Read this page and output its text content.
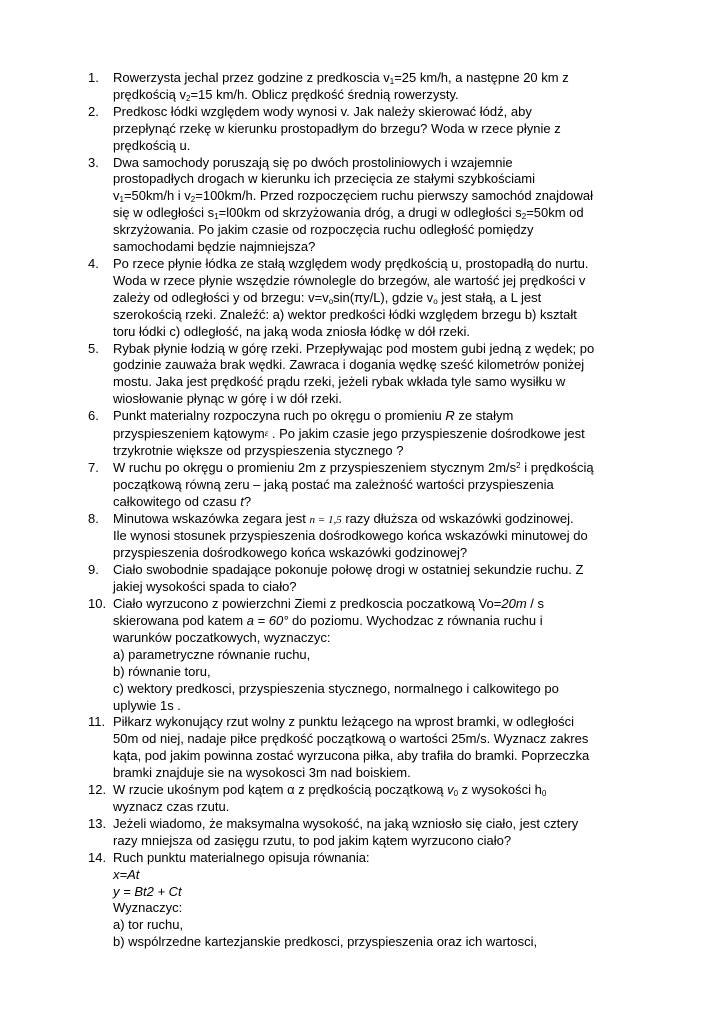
1.	Rowerzysta jechal przez godzine z predkoscia $v_1=25$ km/h, a następne 20 km z
prędkością $v_2=15$ km/h. Oblicz prędkość średnią rowerzysty.
2.	Predkosc łódki względem wody wynosi v. Jak należy skierować łódź, aby
przepłynąć rzekę w kierunku prostopadłym do brzegu? Woda w rzece płynie z
prędkością u.
3.	Dwa samochody poruszają się po dwóch prostoliniowych i wzajemnie
prostopadłych drogach w kierunku ich przecięcia ze stałymi szybkościami
$v_1=50km/h$ i $v_2=100km/h$. Przed rozpoczęciem ruchu pierwszy samochód znajdował
się w odległości $s_1=l00km$ od skrzyżowania dróg, a drugi w odległości $s_2=50km$ od
skrzyżowania. Po jakim czasie od rozpoczęcia ruchu odległość pomiędzy
samochodami będzie najmniejsza?
4.	Po rzece płynie łódka ze stałą względem wody prędkością u, prostopadłą do nurtu.
Woda w rzece płynie wszędzie równolegle do brzegów, ale wartość jej prędkości v
zależy od odległości y od brzegu: $v=v_o\sin(\pi y/L)$, gdzie $v_o$ jest stałą, a L jest
szerokością rzeki. Znaleźć: a) wektor predkości łódki względem brzegu b) kształt
toru łódki c) odległość, na jaką woda zniosła łódkę w dół rzeki.
5.	Rybak płynie łodzią w górę rzeki. Przepływając pod mostem gubi jedną z wędek; po
godzinie zauważa brak wędki. Zawraca i dogania wędkę sześć kilometrów poniżej
mostu. Jaka jest prędkość prądu rzeki, jeżeli rybak wkłada tyle samo wysiłku w
wiosłowanie płynąc w górę i w dół rzeki.
6.	Punkt materialny rozpoczyna ruch po okręgu o promieniu R ze stałym
przyspieszeniem kątowymε . Po jakim czasie jego przyspieszenie dośrodkowe jest
trzykrotnie większe od przyspieszenia stycznego ?
7.	W ruchu po okręgu o promieniu 2m z przyspieszeniem stycznym $2m/s^2$ i prędkością
początkową równą zeru – jaką postać ma zależność wartości przyspieszenia
całkowitego od czasu t?
8.	Minutowa wskazówka zegara jest n = 1,5 razy dłuższa od wskazówki godzinowej.
Ile wynosi stosunek przyspieszenia dośrodkowego końca wskazówki minutowej do
przyspieszenia dośrodkowego końca wskazówki godzinowej?
9.	Ciało swobodnie spadające pokonuje połowę drogi w ostatniej sekundzie ruchu. Z
jakiej wysokości spada to ciało?
10. Ciało wyrzucono z powierzchni Ziemi z predkoscia poczatkową Vo=20m / s
skierowana pod katem a = 60° do poziomu. Wychodzac z równania ruchu i
warunków poczatkowych, wyznaczyc:
a) parametryczne równanie ruchu,
b) równanie toru,
c) wektory predkosci, przyspieszenia stycznego, normalnego i calkowitego po
uplywie 1s .
11. Piłkarz wykonujący rzut wolny z punktu leżącego na wprost bramki, w odległości
50m od niej, nadaje piłce prędkość początkową o wartości 25m/s. Wyznacz zakres
kąta, pod jakim powinna zostać wyrzucona piłka, aby trafiła do bramki. Poprzeczka
bramki znajduje sie na wysokosci 3m nad boiskiem.
12. W rzucie ukośnym pod kątem α z prędkością początkową $v_0$ z wysokości $h_0$
wyznacz czas rzutu.
13. Jeżeli wiadomo, że maksymalna wysokość, na jaką wzniosło się ciało, jest cztery
razy mniejsza od zasięgu rzutu, to pod jakim kątem wyrzucono ciało?
14. Ruch punktu materialnego opisuja równania:
x=At
y = Bt2 + Ct
Wyznaczyc:
a) tor ruchu,
b) wspólrzedne kartezjanskie predkosci, przyspieszenia oraz ich wartosci,
